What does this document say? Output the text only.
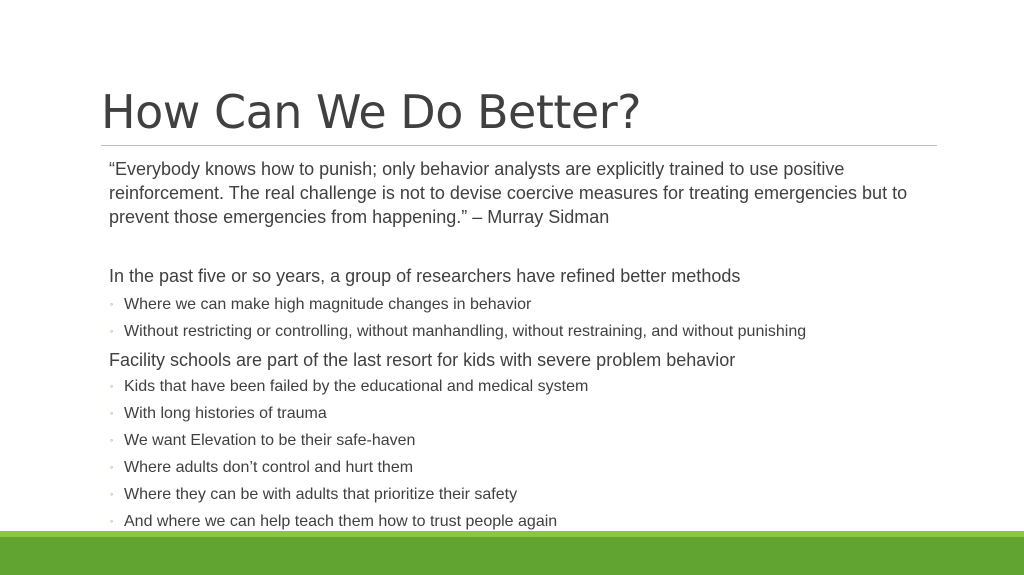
How Can We Do Better?

“Everybody knows how to punish; only behavior analysts are explicitly trained to use positive reinforcement. The real challenge is not to devise coercive measures for treating emergencies but to prevent those emergencies from happening.” – Murray Sidman

In the past five or so years, a group of researchers have refined better methods

◦ Where we can make high magnitude changes in behavior
◦ Without restricting or controlling, without manhandling, without restraining, and without punishing

Facility schools are part of the last resort for kids with severe problem behavior

◦ Kids that have been failed by the educational and medical system
◦ With long histories of trauma
◦ We want Elevation to be their safe-haven
◦ Where adults don’t control and hurt them
◦ Where they can be with adults that prioritize their safety
◦ And where we can help teach them how to trust people again
